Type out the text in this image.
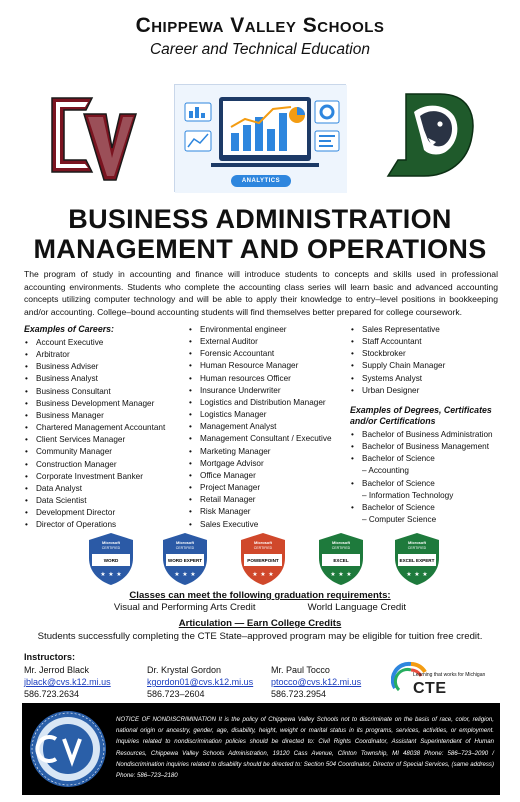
Chippewa Valley Schools
Career and Technical Education
ANALYTICS
BUSINESS ADMINISTRATION
MANAGEMENT AND OPERATIONS

The program of study in accounting and finance will introduce students to concepts and skills used in professional accounting environments. Students who complete the accounting class series will learn basic and advanced accounting concepts utilizing computer technology and will be able to apply their knowledge to entry–level positions in bookkeeping and/or accounting. College–bound accounting students will find themselves better prepared for college coursework.

Examples of Careers:
• Account Executive
• Arbitrator
• Business Adviser
• Business Analyst
• Business Consultant
• Business Development Manager
• Business Manager
• Chartered Management Accountant
• Client Services Manager
• Community Manager
• Construction Manager
• Corporate Investment Banker
• Data Analyst
• Data Scientist
• Development Director
• Director of Operations
• Environmental engineer
• External Auditor
• Forensic Accountant
• Human Resource Manager
• Human resources Officer
• Insurance Underwriter
• Logistics and Distribution Manager
• Logistics Manager
• Management Analyst
• Management Consultant / Executive
• Marketing Manager
• Mortgage Advisor
• Office Manager
• Project Manager
• Retail Manager
• Risk Manager
• Sales Executive
• Sales Representative
• Staff Accountant
• Stockbroker
• Supply Chain Manager
• Systems Analyst
• Urban Designer
Examples of Degrees, Certificates
and/or Certifications
• Bachelor of Business Administration
• Bachelor of Business Management
• Bachelor of Science
– Accounting
• Bachelor of Science
– Information Technology
• Bachelor of Science
– Computer Science
★ ★ ★
Microsoft
CERTIFIED
WORD
★ ★ ★
Microsoft
CERTIFIED
WORD EXPERT
★ ★ ★
Microsoft
CERTIFIED
POWERPOINT
★ ★ ★
Microsoft
CERTIFIED
EXCEL
★ ★ ★
Microsoft
CERTIFIED
EXCEL EXPERT
Classes can meet the following graduation requirements:
Visual and Performing Arts Credit	World Language Credit
Articulation — Earn College Credits
Students successfully completing the CTE State–approved program may be eligible for tuition free credit.
Instructors:
Mr. Jerrod Black
jblack@cvs.k12.mi.us
586.723.2634
Dr. Krystal Gordon
kgordon01@cvs.k12.mi.us
586.723–2604
Mr. Paul Tocco
ptocco@cvs.k12.mi.us
586.723.2954
Learning that works for Michigan
CTE
NOTICE OF NONDISCRIMINATION It is the policy of Chippewa Valley Schools not to discriminate on the basis of race, color, religion, national origin or ancestry, gender, age, disability, height, weight or marital status in its programs, services, activities, or employment. Inquiries related to nondiscrimination policies should be directed to: Civil Rights Coordinator, Assistant Superintendent of Human Resources, Chippewa Valley Schools Administration, 19120 Cass Avenue, Clinton Township, MI 48038 Phone: 586–723–2090 / Nondiscrimination inquiries related to disability should be directed to: Section 504 Coordinator, Director of Special Services, (same address) Phone: 586–723–2180
